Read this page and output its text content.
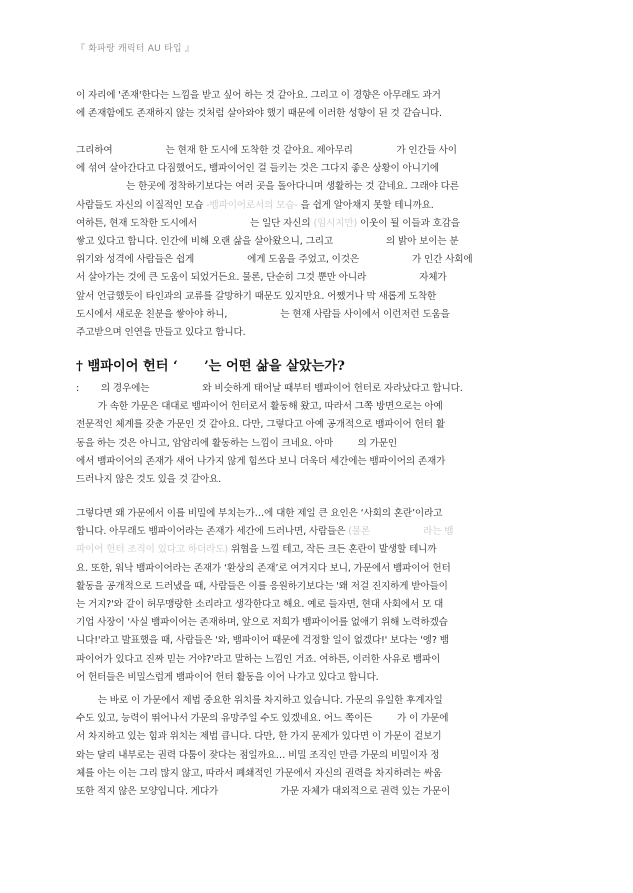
『 화파랑 캐릭터 AU 타입 』
이 자리에 '존재'한다는 느낌을 받고 싶어 하는 것 같아요. 그리고 이 경향은 아무래도 과거
에 존재함에도 존재하지 않는 것처럼 살아와야 했기 때문에 이러한 성향이 된 것 같습니다.
그리하여 　　　　　 는 현재 한 도시에 도착한 것 같아요. 제아무리 　　　　 가 인간들 사이
에 섞여 살아간다고 다짐했어도, 뱀파이어인 걸 들키는 것은 그다지 좋은 상황이 아니기에
　　　　　 는 한곳에 정착하기보다는 여러 곳을 돌아다니며 생활하는 것 같네요. 그래야 다른
사람들도 자신의 이질적인 모습 -뱀파이어로서의 모습- 을 쉽게 알아채지 못할 테니까요.
여하튼, 현재 도착한 도시에서 　　　　　 는 일단 자신의 (임시지만) 이웃이 될 이들과 호감을
쌓고 있다고 합니다. 인간에 비해 오랜 삶을 살아왔으니, 그리고 　　　　　 의 밝아 보이는 분
위기와 성격에 사람들은 쉽게 　　　　　 에게 도움을 주었고, 이것은 　　　　　 가 인간 사회에
서 살아가는 것에 큰 도움이 되었거든요. 물론, 단순히 그것 뿐만 아니라 　　　　　 자체가
앞서 언급했듯이 타인과의 교류를 갈망하기 때문도 있지만요. 어쨌거나 막 새롭게 도착한
도시에서 새로운 친분을 쌓아야 하니, 　　　　　 는 현재 사람들 사이에서 이런저런 도움을
주고받으며 인연을 만들고 있다고 합니다.
† 뱀파이어 헌터 ‘　　’는 어떤 삶을 살았는가?
:　　 의 경우에는 　　　　　 와 비슷하게 태어날 때부터 뱀파이어 헌터로 자라났다고 합니다.
　　 가 속한 가문은 대대로 뱀파이어 헌터로서 활동해 왔고, 따라서 그쪽 방면으로는 아예
전문적인 체계를 갖춘 가문인 것 같아요. 다만, 그렇다고 아예 공개적으로 뱀파이어 헌터 활
동을 하는 것은 아니고, 암암리에 활동하는 느낌이 크네요. 아마 　　 의 가문인
에서 뱀파이어의 존재가 새어 나가지 않게 힘쓰다 보니 더욱더 세간에는 뱀파이어의 존재가
드러나지 않은 것도 있을 것 같아요.
그렇다면 왜 가문에서 이를 비밀에 부치는가…에 대한 제일 큰 요인은 ‘사회의 혼란’이라고
합니다. 아무래도 뱀파이어라는 존재가 세간에 드러나면, 사람들은 (물론 　　　　　 라는 뱀
파이어 헌터 조직이 있다고 하더라도) 위협을 느낄 테고, 작든 크든 혼란이 발생할 테니까
요. 또한, 워낙 뱀파이어라는 존재가 ‘환상의 존재’로 여겨지다 보니, 가문에서 뱀파이어 헌터
활동을 공개적으로 드러냈을 때, 사람들은 이를 응원하기보다는 '왜 저걸 진지하게 받아들이
는 거지?'와 같이 허무맹랑한 소리라고 생각한다고 해요. 예로 들자면, 현대 사회에서 모 대
기업 사장이 '사실 뱀파이어는 존재하며, 앞으로 저희가 뱀파이어를 없애기 위해 노력하겠습
니다!'라고 발표했을 때, 사람들은 '와, 뱀파이어 때문에 걱정할 일이 없겠다!' 보다는 '엥? 뱀
파이어가 있다고 진짜 믿는 거야?'라고 말하는 느낌인 거죠. 여하튼, 이러한 사유로 뱀파이
어 헌터들은 비밀스럽게 뱀파이어 헌터 활동을 이어 나가고 있다고 합니다.
　　 는 바로 이 가문에서 제법 중요한 위치를 차지하고 있습니다. 가문의 유일한 후계자일
수도 있고, 능력이 뛰어나서 가문의 유망주일 수도 있겠네요. 어느 쪽이든 　　 가 이 가문에
서 차지하고 있는 힘과 위치는 제법 큽니다. 다만, 한 가지 문제가 있다면 이 가문이 겉보기
와는 달리 내부로는 권력 다툼이 잦다는 점일까요… 비밀 조직인 만큼 가문의 비밀이자 정
체를 아는 이는 그리 많지 않고, 따라서 폐쇄적인 가문에서 자신의 권력을 차지하려는 싸움
또한 적지 않은 모양입니다. 게다가 　　　　　　 가문 자체가 대외적으로 권력 있는 가문이
